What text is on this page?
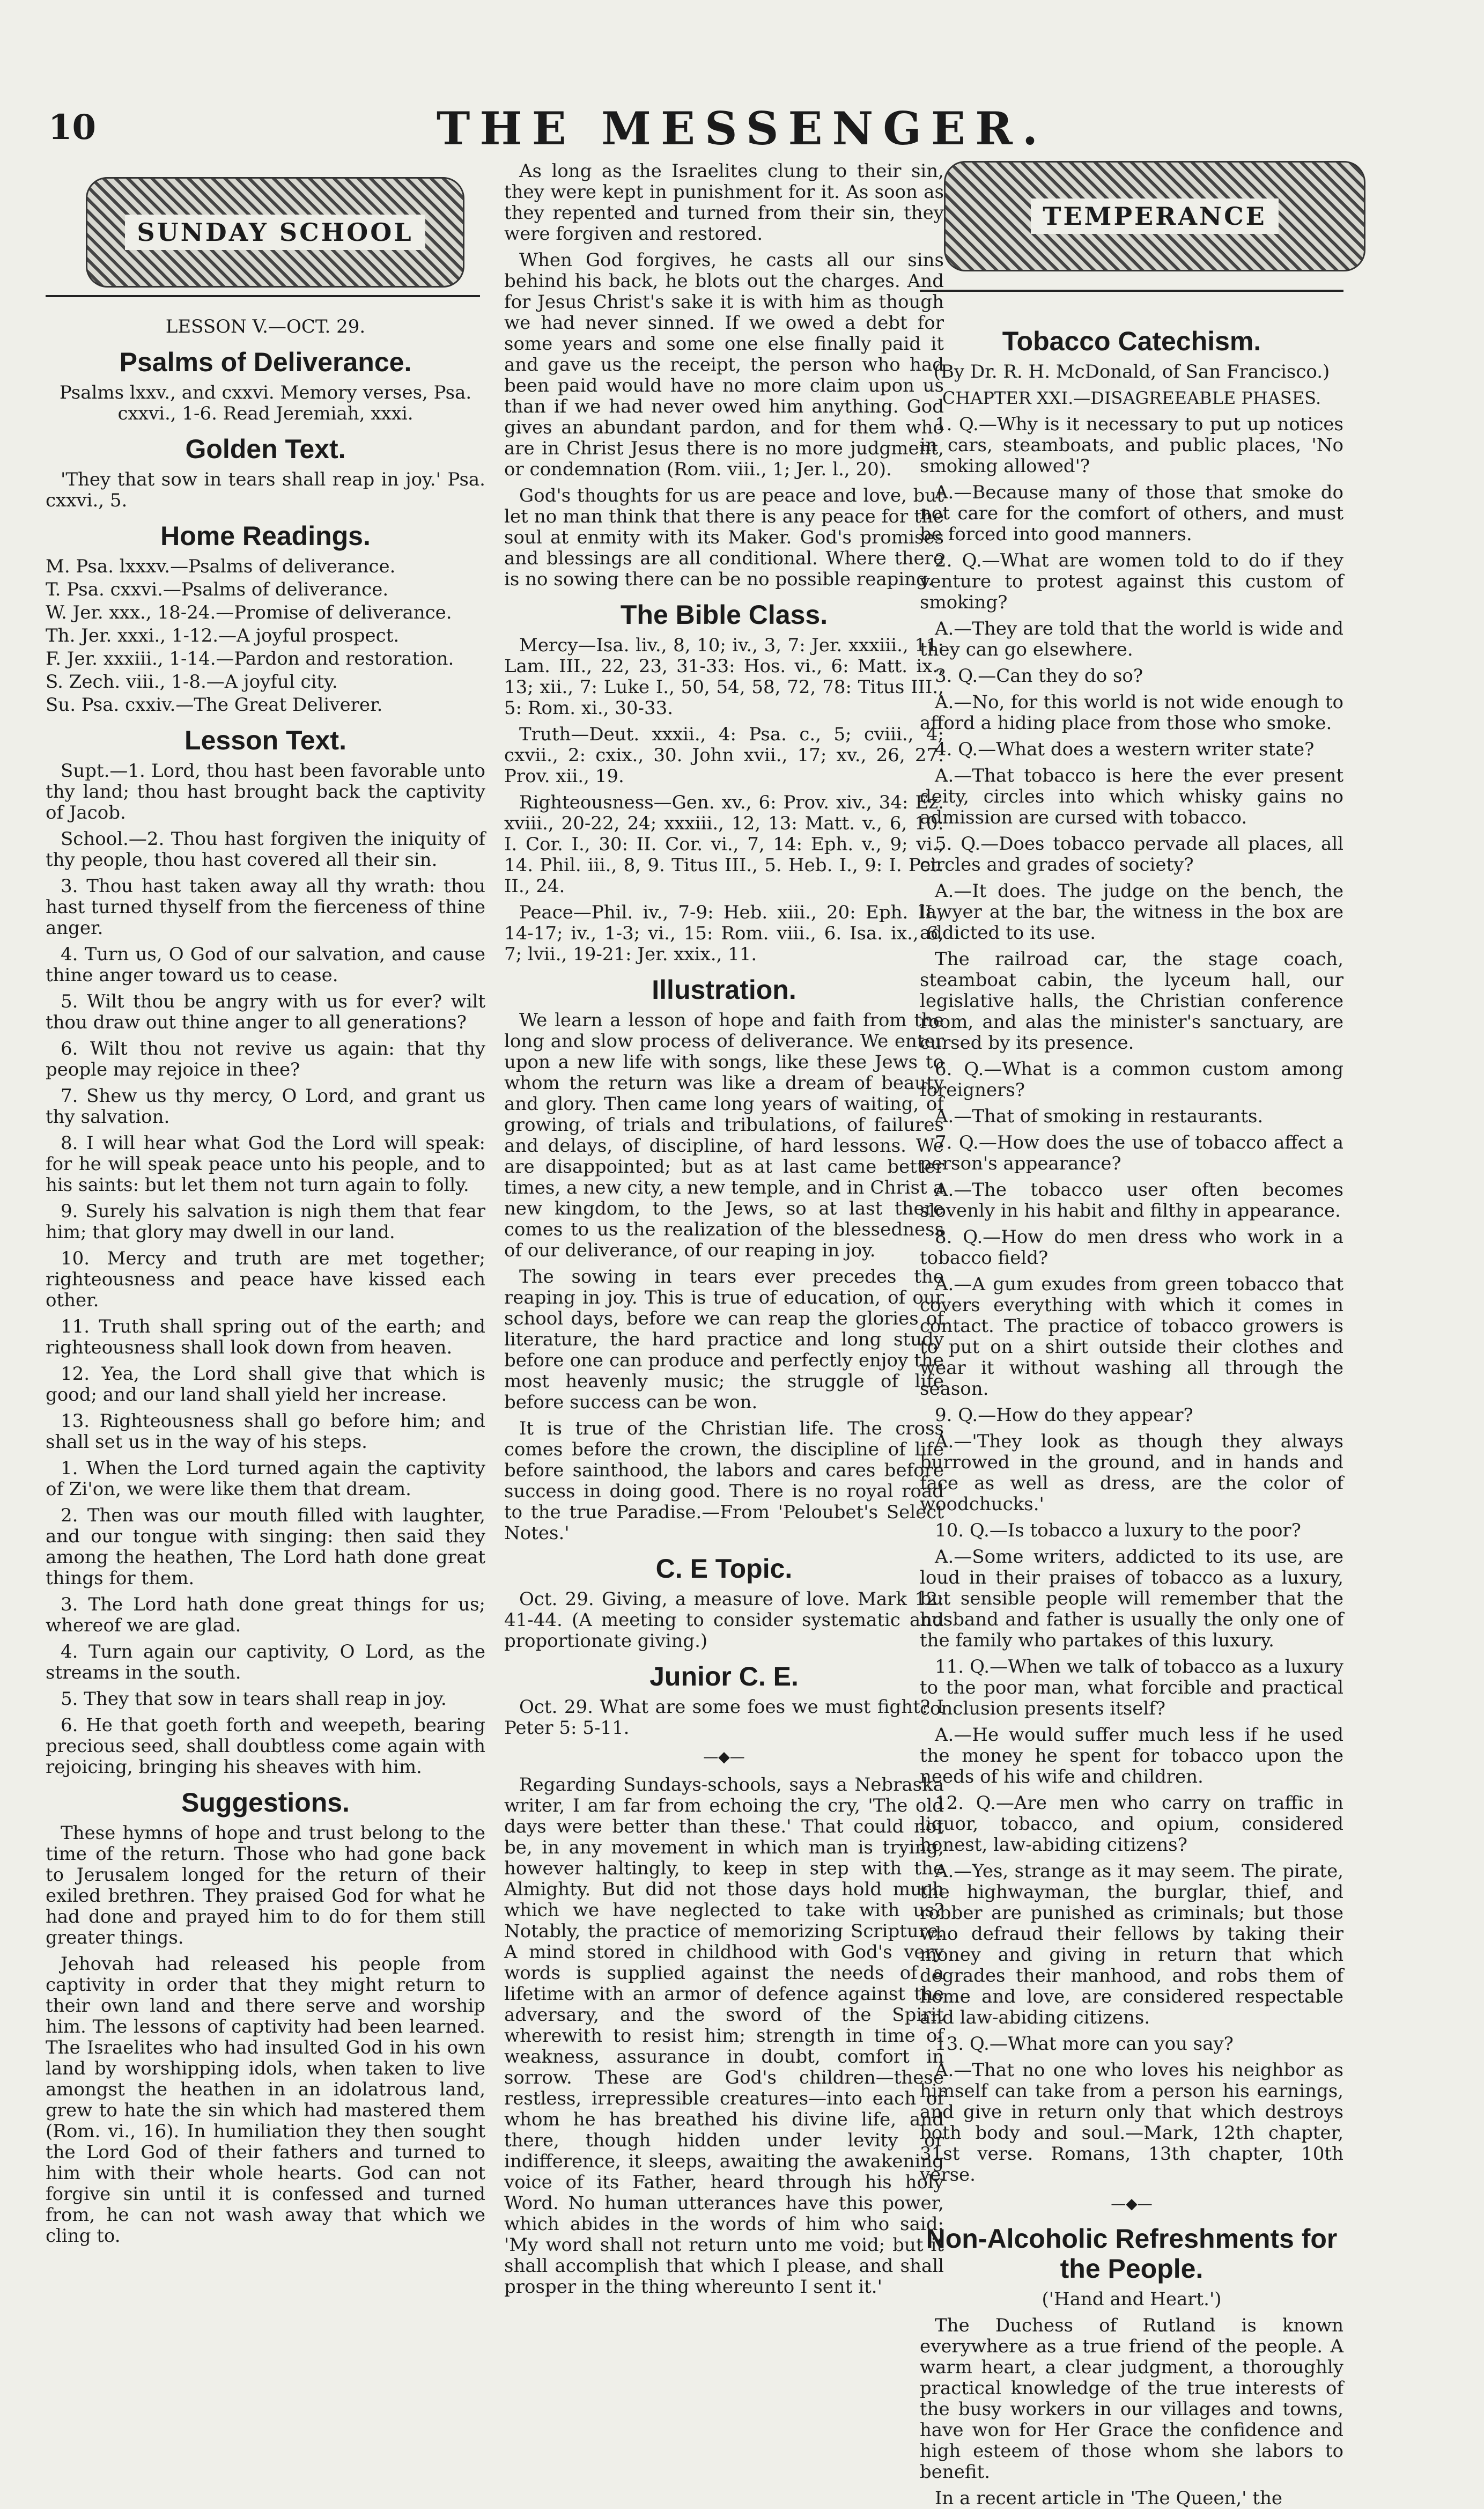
10	THE MESSENGER.
SUNDAY SCHOOL
TEMPERANCE

LESSON V.—OCT. 29.

Psalms of Deliverance.

Psalms lxxv., and cxxvi. Memory verses, Psa. cxxvi., 1-6. Read Jeremiah, xxxi.

Golden Text.

'They that sow in tears shall reap in joy.' Psa. cxxvi., 5.

Home Readings.
M. Psa. lxxxv.—Psalms of deliverance.
T. Psa. cxxvi.—Psalms of deliverance.
W. Jer. xxx., 18-24.—Promise of deliverance.
Th. Jer. xxxi., 1-12.—A joyful prospect.
F. Jer. xxxiii., 1-14.—Pardon and restoration.
S. Zech. viii., 1-8.—A joyful city.
Su. Psa. cxxiv.—The Great Deliverer.
Lesson Text.

Supt.—1. Lord, thou hast been favorable unto thy land; thou hast brought back the captivity of Jacob.

School.—2. Thou hast forgiven the iniquity of thy people, thou hast covered all their sin.

3. Thou hast taken away all thy wrath: thou hast turned thyself from the fierceness of thine anger.

4. Turn us, O God of our salvation, and cause thine anger toward us to cease.

5. Wilt thou be angry with us for ever? wilt thou draw out thine anger to all generations?

6. Wilt thou not revive us again: that thy people may rejoice in thee?

7. Shew us thy mercy, O Lord, and grant us thy salvation.

8. I will hear what God the Lord will speak: for he will speak peace unto his people, and to his saints: but let them not turn again to folly.

9. Surely his salvation is nigh them that fear him; that glory may dwell in our land.

10. Mercy and truth are met together; righteousness and peace have kissed each other.

11. Truth shall spring out of the earth; and righteousness shall look down from heaven.

12. Yea, the Lord shall give that which is good; and our land shall yield her increase.

13. Righteousness shall go before him; and shall set us in the way of his steps.

1. When the Lord turned again the captivity of Zi'on, we were like them that dream.

2. Then was our mouth filled with laughter, and our tongue with singing: then said they among the heathen, The Lord hath done great things for them.

3. The Lord hath done great things for us; whereof we are glad.

4. Turn again our captivity, O Lord, as the streams in the south.

5. They that sow in tears shall reap in joy.

6. He that goeth forth and weepeth, bearing precious seed, shall doubtless come again with rejoicing, bringing his sheaves with him.

Suggestions.

These hymns of hope and trust belong to the time of the return. Those who had gone back to Jerusalem longed for the return of their exiled brethren. They praised God for what he had done and prayed him to do for them still greater things.

Jehovah had released his people from captivity in order that they might return to their own land and there serve and worship him. The lessons of captivity had been learned. The Israelites who had insulted God in his own land by worshipping idols, when taken to live amongst the heathen in an idolatrous land, grew to hate the sin which had mastered them (Rom. vi., 16). In humiliation they then sought the Lord God of their fathers and turned to him with their whole hearts. God can not forgive sin until it is confessed and turned from, he can not wash away that which we cling to.

As long as the Israelites clung to their sin, they were kept in punishment for it. As soon as they repented and turned from their sin, they were forgiven and restored.

When God forgives, he casts all our sins behind his back, he blots out the charges. And for Jesus Christ's sake it is with him as though we had never sinned. If we owed a debt for some years and some one else finally paid it and gave us the receipt, the person who had been paid would have no more claim upon us than if we had never owed him anything. God gives an abundant pardon, and for them who are in Christ Jesus there is no more judgment, or condemnation (Rom. viii., 1; Jer. l., 20).

God's thoughts for us are peace and love, but let no man think that there is any peace for the soul at enmity with its Maker. God's promises and blessings are all conditional. Where there is no sowing there can be no possible reaping.

The Bible Class.

Mercy—Isa. liv., 8, 10; iv., 3, 7: Jer. xxxiii., 11: Lam. III., 22, 23, 31-33: Hos. vi., 6: Matt. ix., 13; xii., 7: Luke I., 50, 54, 58, 72, 78: Titus III., 5: Rom. xi., 30-33.

Truth—Deut. xxxii., 4: Psa. c., 5; cviii., 4; cxvii., 2: cxix., 30. John xvii., 17; xv., 26, 27. Prov. xii., 19.

Righteousness—Gen. xv., 6: Prov. xiv., 34: Ez. xviii., 20-22, 24; xxxiii., 12, 13: Matt. v., 6, 10: I. Cor. I., 30: II. Cor. vi., 7, 14: Eph. v., 9; vi., 14. Phil. iii., 8, 9. Titus III., 5. Heb. I., 9: I. Pet. II., 24.

Peace—Phil. iv., 7-9: Heb. xiii., 20: Eph. II., 14-17; iv., 1-3; vi., 15: Rom. viii., 6. Isa. ix., 6, 7; lvii., 19-21: Jer. xxix., 11.

Illustration.

We learn a lesson of hope and faith from the long and slow process of deliverance. We enter upon a new life with songs, like these Jews to whom the return was like a dream of beauty and glory. Then came long years of waiting, of growing, of trials and tribulations, of failures and delays, of discipline, of hard lessons. We are disappointed; but as at last came better times, a new city, a new temple, and in Christ a new kingdom, to the Jews, so at last there comes to us the realization of the blessedness of our deliverance, of our reaping in joy.

The sowing in tears ever precedes the reaping in joy. This is true of education, of our school days, before we can reap the glories of literature, the hard practice and long study before one can produce and perfectly enjoy the most heavenly music; the struggle of life before success can be won.

It is true of the Christian life. The cross comes before the crown, the discipline of life before sainthood, the labors and cares before success in doing good. There is no royal road to the true Paradise.—From 'Peloubet's Select Notes.'

C. E Topic.

Oct. 29. Giving, a measure of love. Mark 12: 41-44. (A meeting to consider systematic and proportionate giving.)

Junior C. E.

Oct. 29. What are some foes we must fight? I Peter 5: 5-11.

—◆—

Regarding Sundays-schools, says a Nebraska writer, I am far from echoing the cry, 'The old days were better than these.' That could not be, in any movement in which man is trying, however haltingly, to keep in step with the Almighty. But did not those days hold much which we have neglected to take with us? Notably, the practice of memorizing Scripture. A mind stored in childhood with God's very words is supplied against the needs of a lifetime with an armor of defence against the adversary, and the sword of the Spirit wherewith to resist him; strength in time of weakness, assurance in doubt, comfort in sorrow. These are God's children—these restless, irrepressible creatures—into each of whom he has breathed his divine life, and there, though hidden under levity or indifference, it sleeps, awaiting the awakening voice of its Father, heard through his holy Word. No human utterances have this power, which abides in the words of him who said: 'My word shall not return unto me void; but it shall accomplish that which I please, and shall prosper in the thing whereunto I sent it.'

Tobacco Catechism.

(By Dr. R. H. McDonald, of San Francisco.)

CHAPTER XXI.—DISAGREEABLE PHASES.

1. Q.—Why is it necessary to put up notices in cars, steamboats, and public places, 'No smoking allowed'?

A.—Because many of those that smoke do not care for the comfort of others, and must be forced into good manners.

2. Q.—What are women told to do if they venture to protest against this custom of smoking?

A.—They are told that the world is wide and they can go elsewhere.

3. Q.—Can they do so?

A.—No, for this world is not wide enough to afford a hiding place from those who smoke.

4. Q.—What does a western writer state?

A.—That tobacco is here the ever present deity, circles into which whisky gains no admission are cursed with tobacco.

5. Q.—Does tobacco pervade all places, all circles and grades of society?

A.—It does. The judge on the bench, the lawyer at the bar, the witness in the box are addicted to its use.

The railroad car, the stage coach, steamboat cabin, the lyceum hall, our legislative halls, the Christian conference room, and alas the minister's sanctuary, are cursed by its presence.

6. Q.—What is a common custom among foreigners?

A.—That of smoking in restaurants.

7. Q.—How does the use of tobacco affect a person's appearance?

A.—The tobacco user often becomes slovenly in his habit and filthy in appearance.

8. Q.—How do men dress who work in a tobacco field?

A.—A gum exudes from green tobacco that covers everything with which it comes in contact. The practice of tobacco growers is to put on a shirt outside their clothes and wear it without washing all through the season.

9. Q.—How do they appear?

A.—'They look as though they always burrowed in the ground, and in hands and face as well as dress, are the color of woodchucks.'

10. Q.—Is tobacco a luxury to the poor?

A.—Some writers, addicted to its use, are loud in their praises of tobacco as a luxury, but sensible people will remember that the husband and father is usually the only one of the family who partakes of this luxury.

11. Q.—When we talk of tobacco as a luxury to the poor man, what forcible and practical conclusion presents itself?

A.—He would suffer much less if he used the money he spent for tobacco upon the needs of his wife and children.

12. Q.—Are men who carry on traffic in liquor, tobacco, and opium, considered honest, law-abiding citizens?

A.—Yes, strange as it may seem. The pirate, the highwayman, the burglar, thief, and robber are punished as criminals; but those who defraud their fellows by taking their money and giving in return that which degrades their manhood, and robs them of home and love, are considered respectable and law-abiding citizens.

13. Q.—What more can you say?

A.—That no one who loves his neighbor as himself can take from a person his earnings, and give in return only that which destroys both body and soul.—Mark, 12th chapter, 31st verse. Romans, 13th chapter, 10th verse.

—◆—
Non-Alcoholic Refreshments for the People.

('Hand and Heart.')

The Duchess of Rutland is known everywhere as a true friend of the people. A warm heart, a clear judgment, a thoroughly practical knowledge of the true interests of the busy workers in our villages and towns, have won for Her Grace the confidence and high esteem of those whom she labors to benefit.

In a recent article in 'The Queen,' the
